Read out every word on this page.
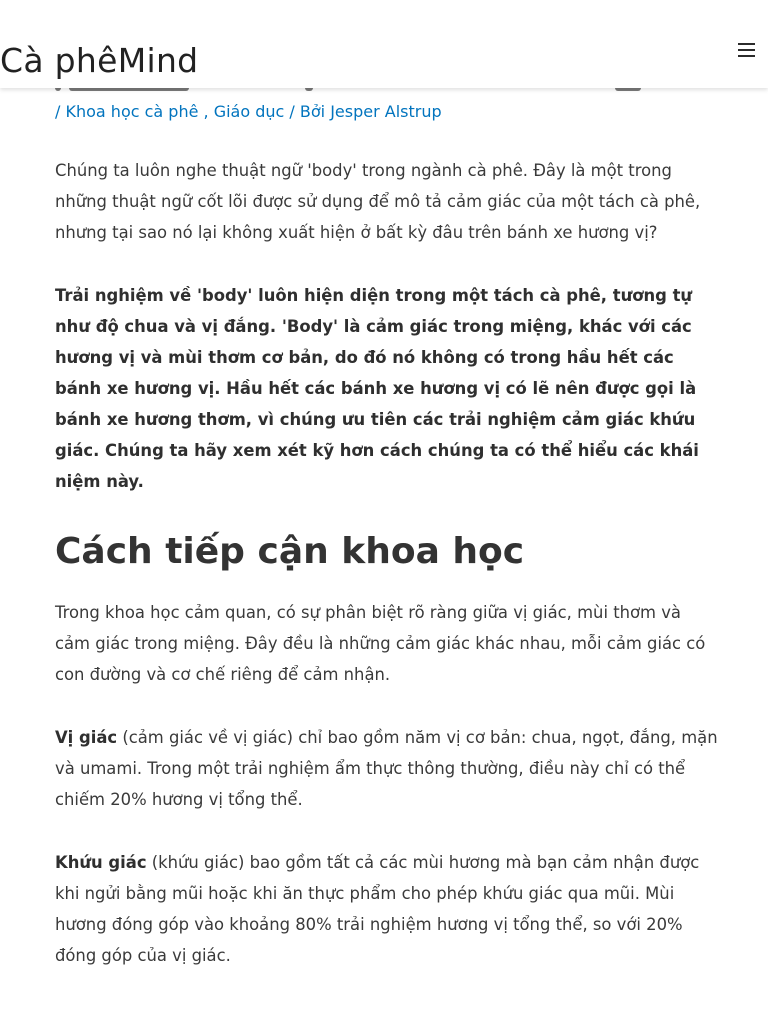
Cà phêMind
/ Khoa học cà phê , Giáo dục / Bởi Jesper Alstrup

Chúng ta luôn nghe thuật ngữ 'body' trong ngành cà phê. Đây là một trong những thuật ngữ cốt lõi được sử dụng để mô tả cảm giác của một tách cà phê, nhưng tại sao nó lại không xuất hiện ở bất kỳ đâu trên bánh xe hương vị?

Trải nghiệm về 'body' luôn hiện diện trong một tách cà phê, tương tự như độ chua và vị đắng. 'Body' là cảm giác trong miệng, khác với các hương vị và mùi thơm cơ bản, do đó nó không có trong hầu hết các bánh xe hương vị. Hầu hết các bánh xe hương vị có lẽ nên được gọi là bánh xe hương thơm, vì chúng ưu tiên các trải nghiệm cảm giác khứu giác. Chúng ta hãy xem xét kỹ hơn cách chúng ta có thể hiểu các khái niệm này.

Cách tiếp cận khoa học

Trong khoa học cảm quan, có sự phân biệt rõ ràng giữa vị giác, mùi thơm và cảm giác trong miệng. Đây đều là những cảm giác khác nhau, mỗi cảm giác có con đường và cơ chế riêng để cảm nhận.

Vị giác (cảm giác về vị giác) chỉ bao gồm năm vị cơ bản: chua, ngọt, đắng, mặn và umami. Trong một trải nghiệm ẩm thực thông thường, điều này chỉ có thể chiếm 20% hương vị tổng thể.

Khứu giác (khứu giác) bao gồm tất cả các mùi hương mà bạn cảm nhận được khi ngửi bằng mũi hoặc khi ăn thực phẩm cho phép khứu giác qua mũi. Mùi hương đóng góp vào khoảng 80% trải nghiệm hương vị tổng thể, so với 20% đóng góp của vị giác.
